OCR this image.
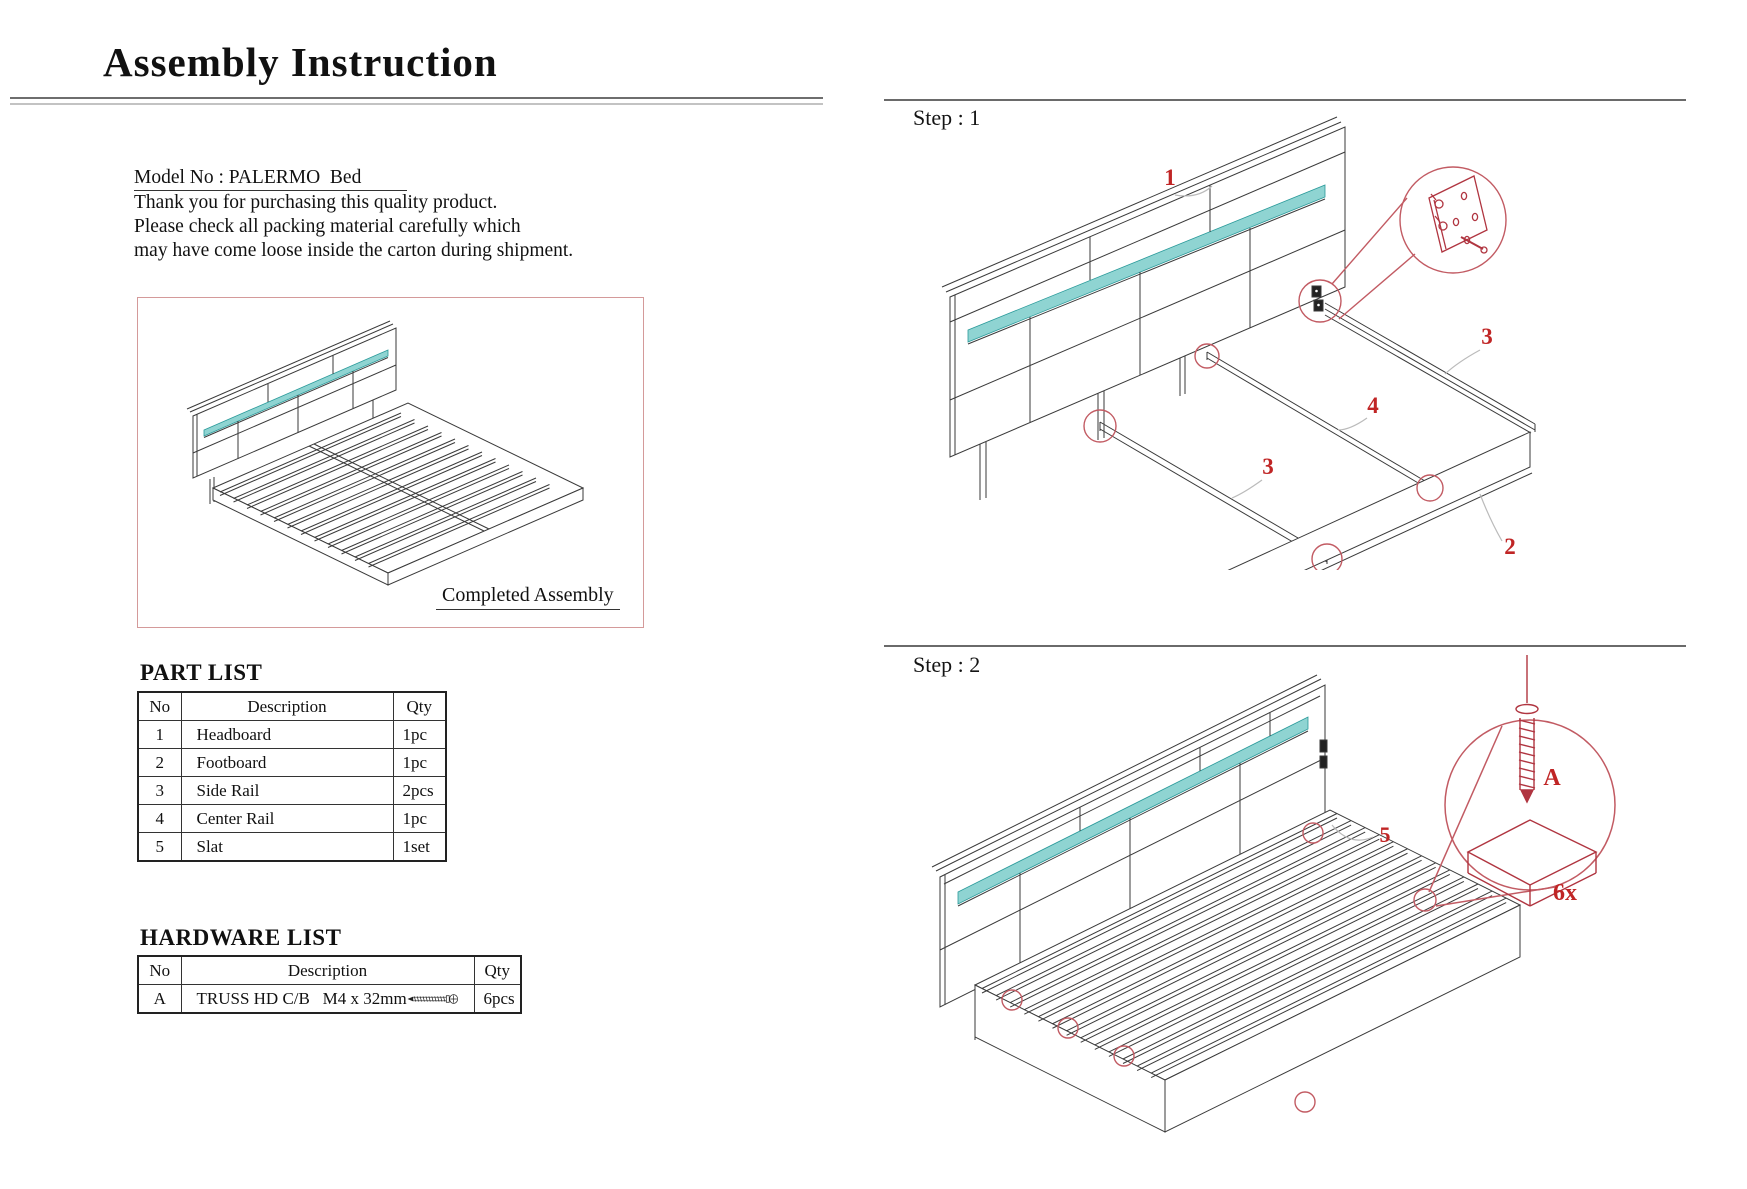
Assembly Instruction
Model No : PALERMO  Bed
Thank you for purchasing this quality product.
Please check all packing material carefully which
may have come loose inside the carton during shipment.
Completed Assembly
PART LIST
No	Description	Qty
1	Headboard	1pc
2	Footboard	1pc
3	Side Rail	2pcs
4	Center Rail	1pc
5	Slat	1set
HARDWARE LIST
No	Description	Qty
A	TRUSS HD C/B   M4 x 32mm	6pcs
Step : 1
1
3
4
3
2
Step : 2
5
A
6x
